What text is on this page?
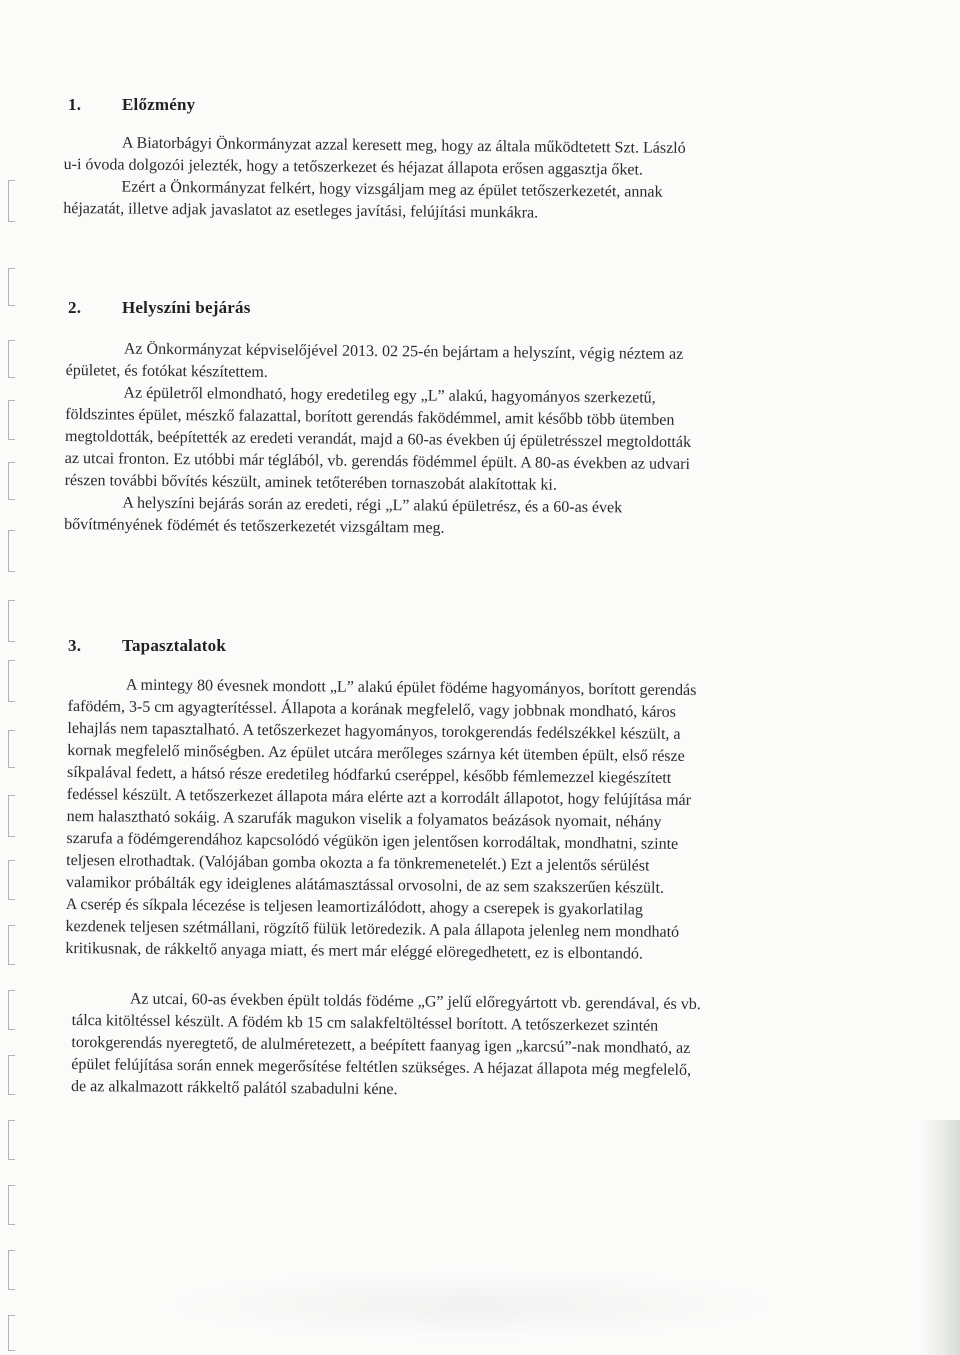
1. Előzmény
A Biatorbágyi Önkormányzat azzal keresett meg, hogy az általa működtetett Szt. László
u-i óvoda dolgozói jelezték, hogy a tetőszerkezet és héjazat állapota erősen aggasztja őket.
Ezért a Önkormányzat felkért, hogy vizsgáljam meg az épület tetőszerkezetét, annak
héjazatát, illetve adjak javaslatot az esetleges javítási, felújítási munkákra.
2. Helyszíni bejárás
Az Önkormányzat képviselőjével 2013. 02 25-én bejártam a helyszínt, végig néztem az
épületet, és fotókat készítettem.
Az épületről elmondható, hogy eredetileg egy „L” alakú, hagyományos szerkezetű,
földszintes épület, mészkő falazattal, borított gerendás faködémmel, amit később több ütemben
megtoldották, beépítették az eredeti verandát, majd a 60-as években új épületrésszel megtoldották
az utcai fronton. Ez utóbbi már téglából, vb. gerendás födémmel épült. A 80-as években az udvari
részen további bővítés készült, aminek tetőterében tornaszobát alakítottak ki.
A helyszíni bejárás során az eredeti, régi „L” alakú épületrész, és a 60-as évek
bővítményének födémét és tetőszerkezetét vizsgáltam meg.
3. Tapasztalatok
A mintegy 80 évesnek mondott „L” alakú épület födéme hagyományos, borított gerendás
fafödém, 3-5 cm agyagterítéssel. Állapota a korának megfelelő, vagy jobbnak mondható, káros
lehajlás nem tapasztalható. A tetőszerkezet hagyományos, torokgerendás fedélszékkel készült, a
kornak megfelelő minőségben. Az épület utcára merőleges szárnya két ütemben épült, első része
síkpalával fedett, a hátsó része eredetileg hódfarkú cseréppel, később fémlemezzel kiegészített
fedéssel készült. A tetőszerkezet állapota mára elérte azt a korrodált állapotot, hogy felújítása már
nem halasztható sokáig. A szarufák magukon viselik a folyamatos beázások nyomait, néhány
szarufa a födémgerendához kapcsolódó végükön igen jelentősen korrodáltak, mondhatni, szinte
teljesen elrothadtak. (Valójában gomba okozta a fa tönkremenetelét.) Ezt a jelentős sérülést
valamikor próbálták egy ideiglenes alátámasztással orvosolni, de az sem szakszerűen készült.
A cserép és síkpala lécezése is teljesen leamortizálódott, ahogy a cserepek is gyakorlatilag
kezdenek teljesen szétmállani, rögzítő fülük letöredezik. A pala állapota jelenleg nem mondható
kritikusnak, de rákkeltő anyaga miatt, és mert már eléggé elöregedhetett, ez is elbontandó.
Az utcai, 60-as években épült toldás födéme „G” jelű előregyártott vb. gerendával, és vb.
tálca kitöltéssel készült. A födém kb 15 cm salakfeltöltéssel borított. A tetőszerkezet szintén
torokgerendás nyeregtető, de alulméretezett, a beépített faanyag igen „karcsú”-nak mondható, az
épület felújítása során ennek megerősítése feltétlen szükséges. A héjazat állapota még megfelelő,
de az alkalmazott rákkeltő palától szabadulni kéne.
